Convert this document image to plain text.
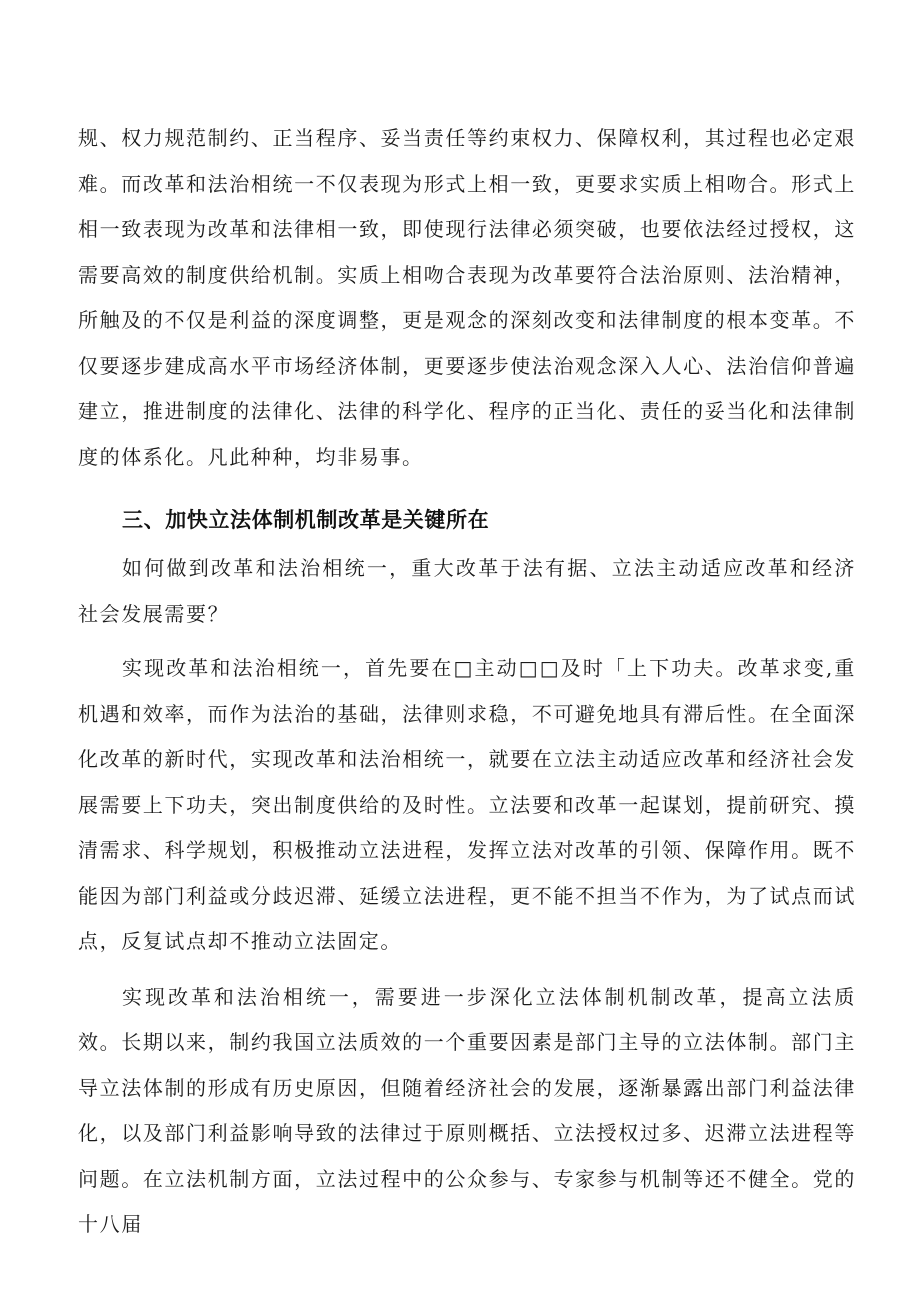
规、权力规范制约、正当程序、妥当责任等约束权力、保障权利，其过程也必定艰难。而改革和法治相统一不仅表现为形式上相一致，更要求实质上相吻合。形式上相一致表现为改革和法律相一致，即使现行法律必须突破，也要依法经过授权，这需要高效的制度供给机制。实质上相吻合表现为改革要符合法治原则、法治精神，所触及的不仅是利益的深度调整，更是观念的深刻改变和法律制度的根本变革。不仅要逐步建成高水平市场经济体制，更要逐步使法治观念深入人心、法治信仰普遍建立，推进制度的法律化、法律的科学化、程序的正当化、责任的妥当化和法律制度的体系化。凡此种种，均非易事。

三、加快立法体制机制改革是关键所在

如何做到改革和法治相统一，重大改革于法有据、立法主动适应改革和经济社会发展需要？

实现改革和法治相统一，首先要在□主动□□及时「上下功夫。改革求变,重机遇和效率，而作为法治的基础，法律则求稳，不可避免地具有滞后性。在全面深化改革的新时代，实现改革和法治相统一，就要在立法主动适应改革和经济社会发展需要上下功夫，突出制度供给的及时性。立法要和改革一起谋划，提前研究、摸清需求、科学规划，积极推动立法进程，发挥立法对改革的引领、保障作用。既不能因为部门利益或分歧迟滞、延缓立法进程，更不能不担当不作为，为了试点而试点，反复试点却不推动立法固定。

实现改革和法治相统一，需要进一步深化立法体制机制改革，提高立法质效。长期以来，制约我国立法质效的一个重要因素是部门主导的立法体制。部门主导立法体制的形成有历史原因，但随着经济社会的发展，逐渐暴露出部门利益法律化，以及部门利益影响导致的法律过于原则概括、立法授权过多、迟滞立法进程等问题。在立法机制方面，立法过程中的公众参与、专家参与机制等还不健全。党的十八届
